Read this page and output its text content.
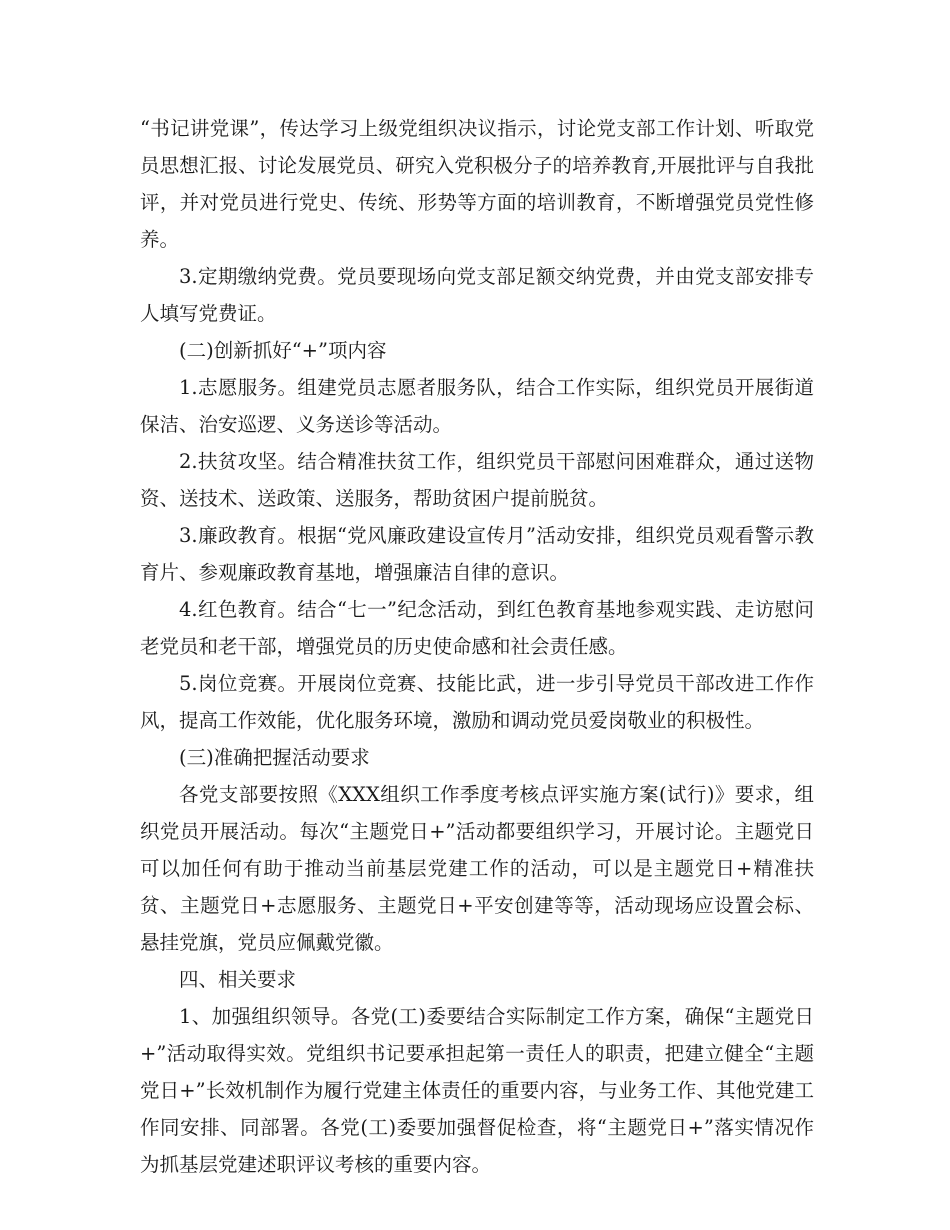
“书记讲党课”，传达学习上级党组织决议指示，讨论党支部工作计划、听取党员思想汇报、讨论发展党员、研究入党积极分子的培养教育,开展批评与自我批评，并对党员进行党史、传统、形势等方面的培训教育，不断增强党员党性修养。

3.定期缴纳党费。党员要现场向党支部足额交纳党费，并由党支部安排专人填写党费证。

(二)创新抓好“+”项内容

1.志愿服务。组建党员志愿者服务队，结合工作实际，组织党员开展街道保洁、治安巡逻、义务送诊等活动。

2.扶贫攻坚。结合精准扶贫工作，组织党员干部慰问困难群众，通过送物资、送技术、送政策、送服务，帮助贫困户提前脱贫。

3.廉政教育。根据“党风廉政建设宣传月”活动安排，组织党员观看警示教育片、参观廉政教育基地，增强廉洁自律的意识。

4.红色教育。结合“七一”纪念活动，到红色教育基地参观实践、走访慰问老党员和老干部，增强党员的历史使命感和社会责任感。

5.岗位竞赛。开展岗位竞赛、技能比武，进一步引导党员干部改进工作作风，提高工作效能，优化服务环境，激励和调动党员爱岗敬业的积极性。

(三)准确把握活动要求

各党支部要按照《XXX组织工作季度考核点评实施方案(试行)》要求，组织党员开展活动。每次“主题党日+”活动都要组织学习，开展讨论。主题党日可以加任何有助于推动当前基层党建工作的活动，可以是主题党日+精准扶贫、主题党日+志愿服务、主题党日+平安创建等等，活动现场应设置会标、悬挂党旗，党员应佩戴党徽。

四、相关要求

1、加强组织领导。各党(工)委要结合实际制定工作方案，确保“主题党日+”活动取得实效。党组织书记要承担起第一责任人的职责，把建立健全“主题党日+”长效机制作为履行党建主体责任的重要内容，与业务工作、其他党建工作同安排、同部署。各党(工)委要加强督促检查，将“主题党日+”落实情况作为抓基层党建述职评议考核的重要内容。
